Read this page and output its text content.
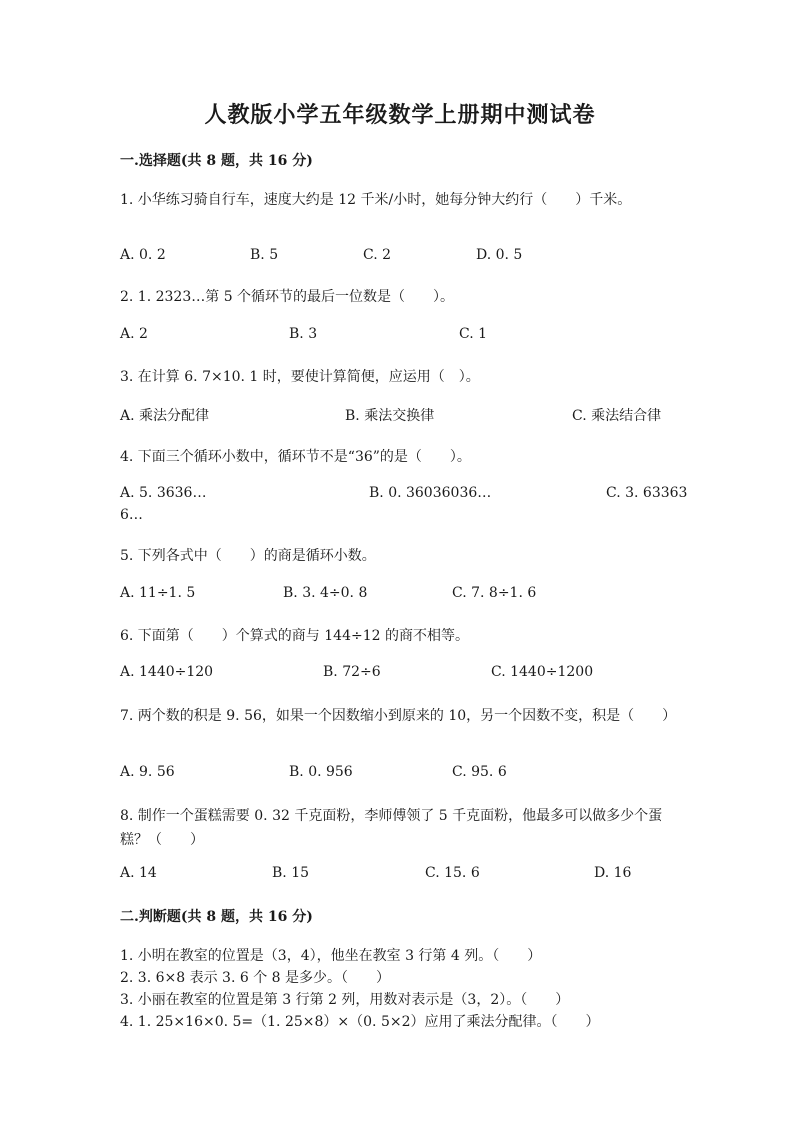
人教版小学五年级数学上册期中测试卷
一.选择题(共 8 题，共 16 分)
1. 小华练习骑自行车，速度大约是 12 千米/小时，她每分钟大约行（　　）千米。
A. 0. 2	B. 5	C. 2	D. 0. 5
2. 1. 2323…第 5 个循环节的最后一位数是（　　）。
A. 2	B. 3	C. 1
3. 在计算 6. 7×10. 1 时，要使计算简便，应运用（　）。
A. 乘法分配律	B. 乘法交换律	C. 乘法结合律
4. 下面三个循环小数中，循环节不是“36”的是（　　）。
A. 5. 3636…	B. 0. 36036036…	C. 3. 63363
6…
5. 下列各式中（　　）的商是循环小数。
A. 11÷1. 5	B. 3. 4÷0. 8	C. 7. 8÷1. 6
6. 下面第（　　）个算式的商与 144÷12 的商不相等。
A. 1440÷120	B. 72÷6	C. 1440÷1200
7. 两个数的积是 9. 56，如果一个因数缩小到原来的 10，另一个因数不变，积是（　　）
A. 9. 56	B. 0. 956	C. 95. 6
8. 制作一个蛋糕需要 0. 32 千克面粉，李师傅领了 5 千克面粉，他最多可以做多少个蛋糕？（　　）
A. 14	B. 15	C. 15. 6	D. 16
二.判断题(共 8 题，共 16 分)
1. 小明在教室的位置是（3，4），他坐在教室 3 行第 4 列。（　　）
2. 3. 6×8 表示 3. 6 个 8 是多少。（　　）
3. 小丽在教室的位置是第 3 行第 2 列，用数对表示是（3，2）。（　　）
4. 1. 25×16×0. 5=（1. 25×8）×（0. 5×2）应用了乘法分配律。（　　）
